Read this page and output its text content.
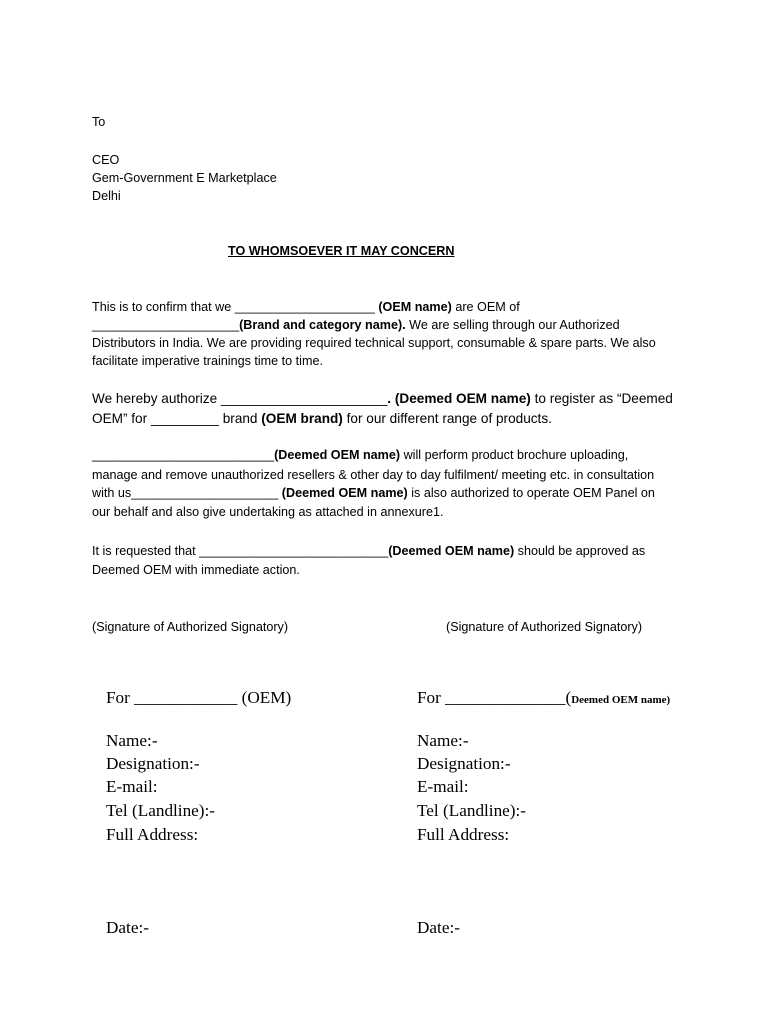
To
CEO
Gem-Government E Marketplace
Delhi
TO WHOMSOEVER IT MAY CONCERN
This is to confirm that we ____________________ (OEM name) are OEM of
_____________________(Brand and category name). We are selling through our Authorized
Distributors in India. We are providing required technical support, consumable & spare parts. We also
facilitate imperative trainings time to time.
We hereby authorize ______________________. (Deemed OEM name) to register as “Deemed
OEM” for _________ brand (OEM brand) for our different range of products.
__________________________(Deemed OEM name) will perform product brochure uploading,
manage and remove unauthorized resellers & other day to day fulfilment/ meeting etc. in consultation
with us_____________________ (Deemed OEM name) is also authorized to operate OEM Panel on
our behalf and also give undertaking as attached in annexure1.
It is requested that ___________________________(Deemed OEM name) should be approved as
Deemed OEM with immediate action.
(Signature of Authorized Signatory)	(Signature of Authorized Signatory)
For ____________ (OEM)
Name:-
Designation:-
E-mail:
Tel (Landline):-
Full Address:
Date:-
For ______________(Deemed OEM name)
Name:-
Designation:-
E-mail:
Tel (Landline):-
Full Address:
Date:-
